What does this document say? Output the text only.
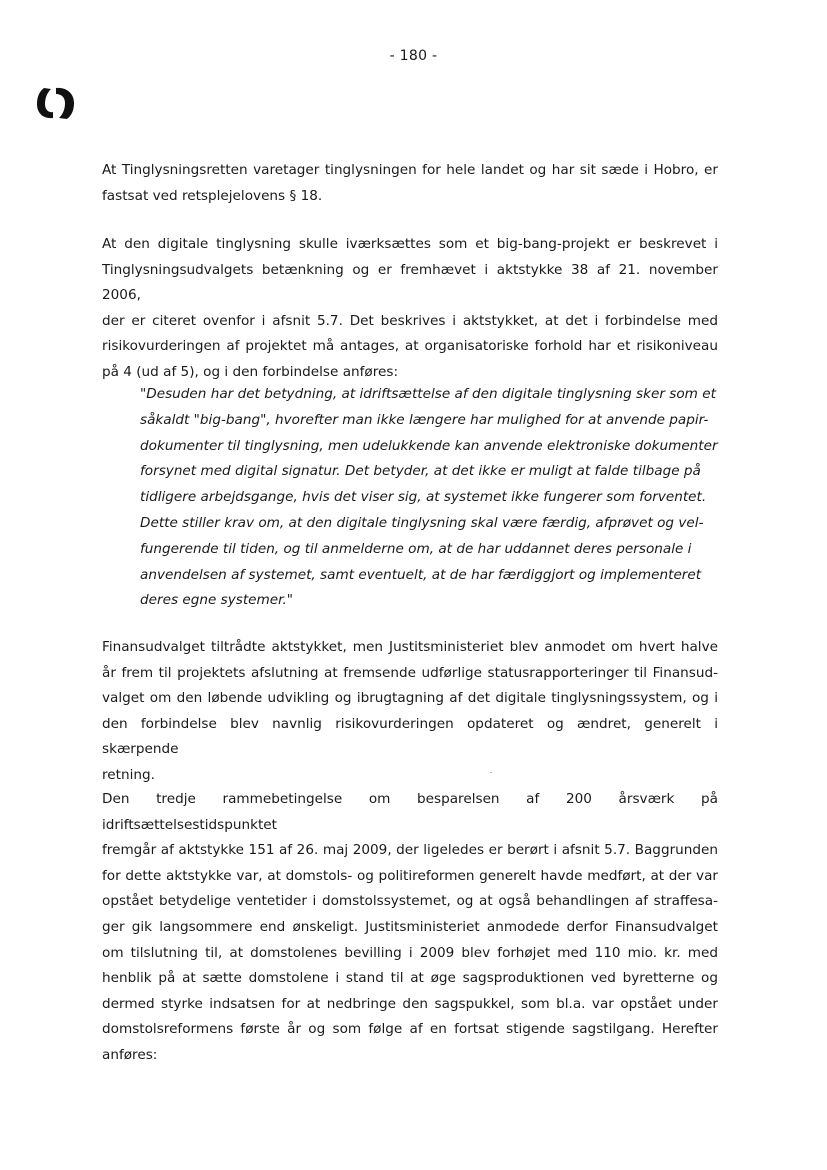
- 180 -

At Tinglysningsretten varetager tinglysningen for hele landet og har sit sæde i Hobro, er
fastsat ved retsplejelovens § 18.

At den digitale tinglysning skulle iværksættes som et big-bang-projekt er beskrevet i
Tinglysningsudvalgets betænkning og er fremhævet i aktstykke 38 af 21. november 2006,
der er citeret ovenfor i afsnit 5.7. Det beskrives i aktstykket, at det i forbindelse med
risikovurderingen af projektet må antages, at organisatoriske forhold har et risikoniveau
på 4 (ud af 5), og i den forbindelse anføres:

"Desuden har det betydning, at idriftsættelse af den digitale tinglysning sker som et
såkaldt "big-bang", hvorefter man ikke længere har mulighed for at anvende papir-
dokumenter til tinglysning, men udelukkende kan anvende elektroniske dokumenter
forsynet med digital signatur. Det betyder, at det ikke er muligt at falde tilbage på
tidligere arbejdsgange, hvis det viser sig, at systemet ikke fungerer som forventet.
Dette stiller krav om, at den digitale tinglysning skal være færdig, afprøvet og vel-
fungerende til tiden, og til anmelderne om, at de har uddannet deres personale i
anvendelsen af systemet, samt eventuelt, at de har færdiggjort og implementeret
deres egne systemer."

Finansudvalget tiltrådte aktstykket, men Justitsministeriet blev anmodet om hvert halve
år frem til projektets afslutning at fremsende udførlige statusrapporteringer til Finansud-
valget om den løbende udvikling og ibrugtagning af det digitale tinglysningssystem, og i
den forbindelse blev navnlig risikovurderingen opdateret og ændret, generelt i skærpende
retning.

Den tredje rammebetingelse om besparelsen af 200 årsværk på idriftsættelsestidspunktet
fremgår af aktstykke 151 af 26. maj 2009, der ligeledes er berørt i afsnit 5.7. Baggrunden
for dette aktstykke var, at domstols- og politireformen generelt havde medført, at der var
opstået betydelige ventetider i domstolssystemet, og at også behandlingen af straffesa-
ger gik langsommere end ønskeligt. Justitsministeriet anmodede derfor Finansudvalget
om tilslutning til, at domstolenes bevilling i 2009 blev forhøjet med 110 mio. kr. med
henblik på at sætte domstolene i stand til at øge sagsproduktionen ved byretterne og
dermed styrke indsatsen for at nedbringe den sagspukkel, som bl.a. var opstået under
domstolsreformens første år og som følge af en fortsat stigende sagstilgang. Herefter
anføres:
